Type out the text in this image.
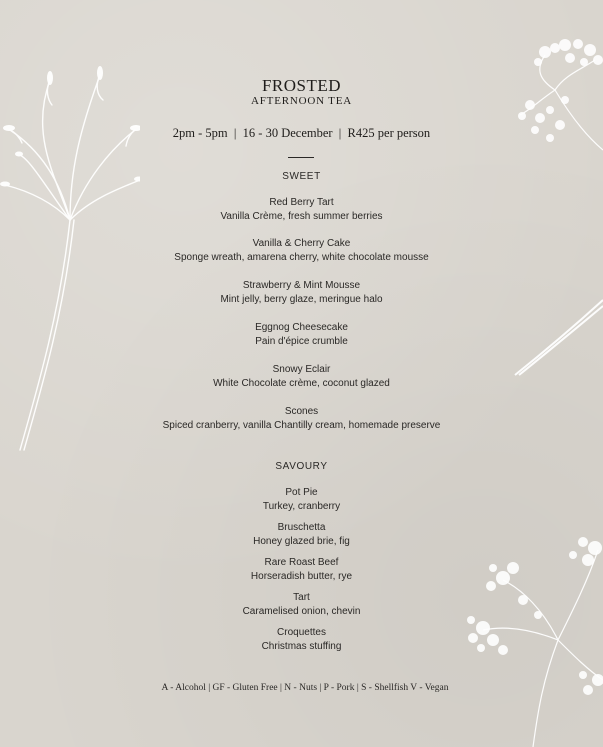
FROSTED
AFTERNOON TEA
2pm - 5pm  |  16 - 30 December  |  R425 per person
SWEET
Red Berry Tart
Vanilla Crème, fresh summer berries
Vanilla & Cherry Cake
Sponge wreath, amarena cherry, white chocolate mousse
Strawberry & Mint Mousse
Mint jelly, berry glaze, meringue halo
Eggnog Cheesecake
Pain d'épice crumble
Snowy Eclair
White Chocolate crème, coconut glazed
Scones
Spiced cranberry, vanilla Chantilly cream, homemade preserve
SAVOURY
Pot Pie
Turkey, cranberry
Bruschetta
Honey glazed brie, fig
Rare Roast Beef
Horseradish butter, rye
Tart
Caramelised onion, chevin
Croquettes
Christmas stuffing
A - Alcohol | GF - Gluten Free | N - Nuts | P - Pork | S - Shellfish V - Vegan
